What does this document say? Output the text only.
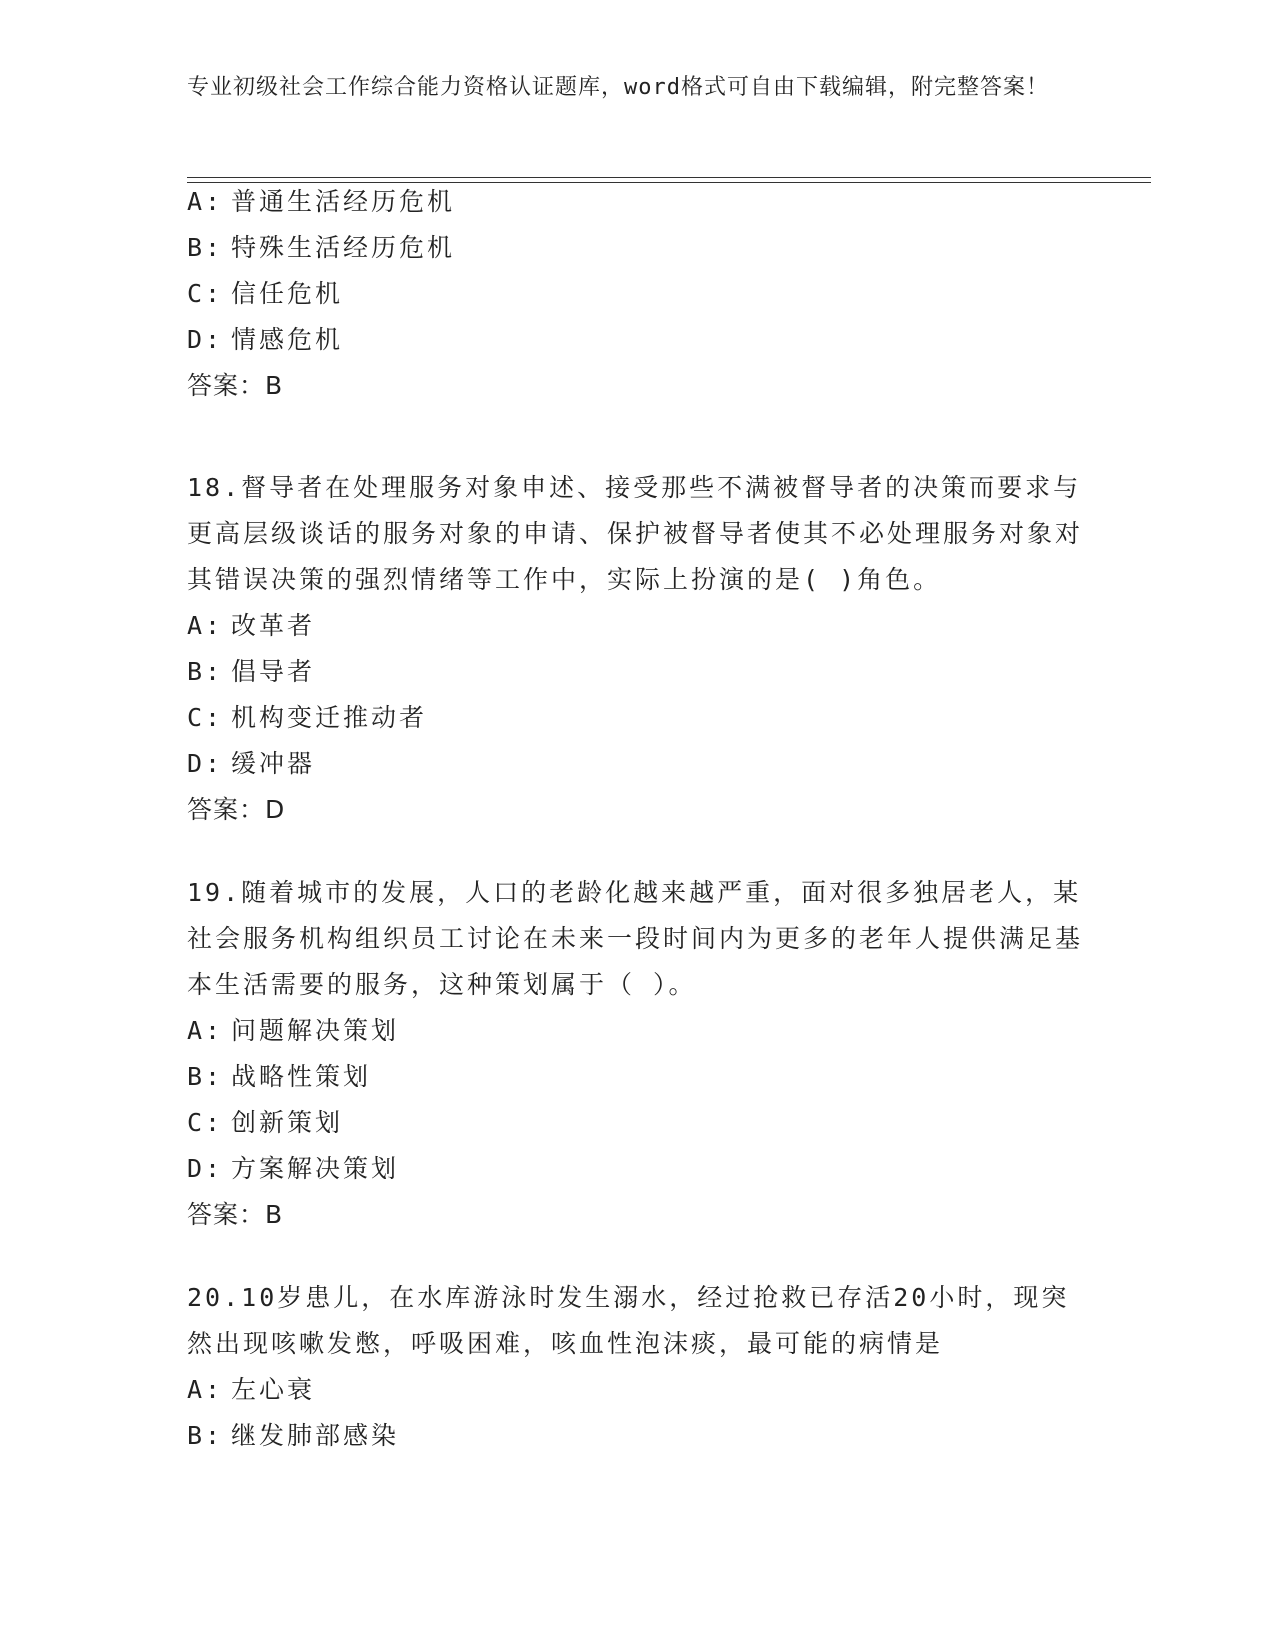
专业初级社会工作综合能力资格认证题库，word格式可自由下载编辑，附完整答案！
A: 普通生活经历危机
B: 特殊生活经历危机
C: 信任危机
D: 情感危机
答案：B
18.督导者在处理服务对象申述、接受那些不满被督导者的决策而要求与更高层级谈话的服务对象的申请、保护被督导者使其不必处理服务对象对其错误决策的强烈情绪等工作中，实际上扮演的是( )角色。
A: 改革者
B: 倡导者
C: 机构变迁推动者
D: 缓冲器
答案：D
19.随着城市的发展，人口的老龄化越来越严重，面对很多独居老人，某社会服务机构组织员工讨论在未来一段时间内为更多的老年人提供满足基本生活需要的服务，这种策划属于（ ）。
A: 问题解决策划
B: 战略性策划
C: 创新策划
D: 方案解决策划
答案：B
20.10岁患儿，在水库游泳时发生溺水，经过抢救已存活20小时，现突然出现咳嗽发憋，呼吸困难，咳血性泡沫痰，最可能的病情是
A: 左心衰
B: 继发肺部感染
